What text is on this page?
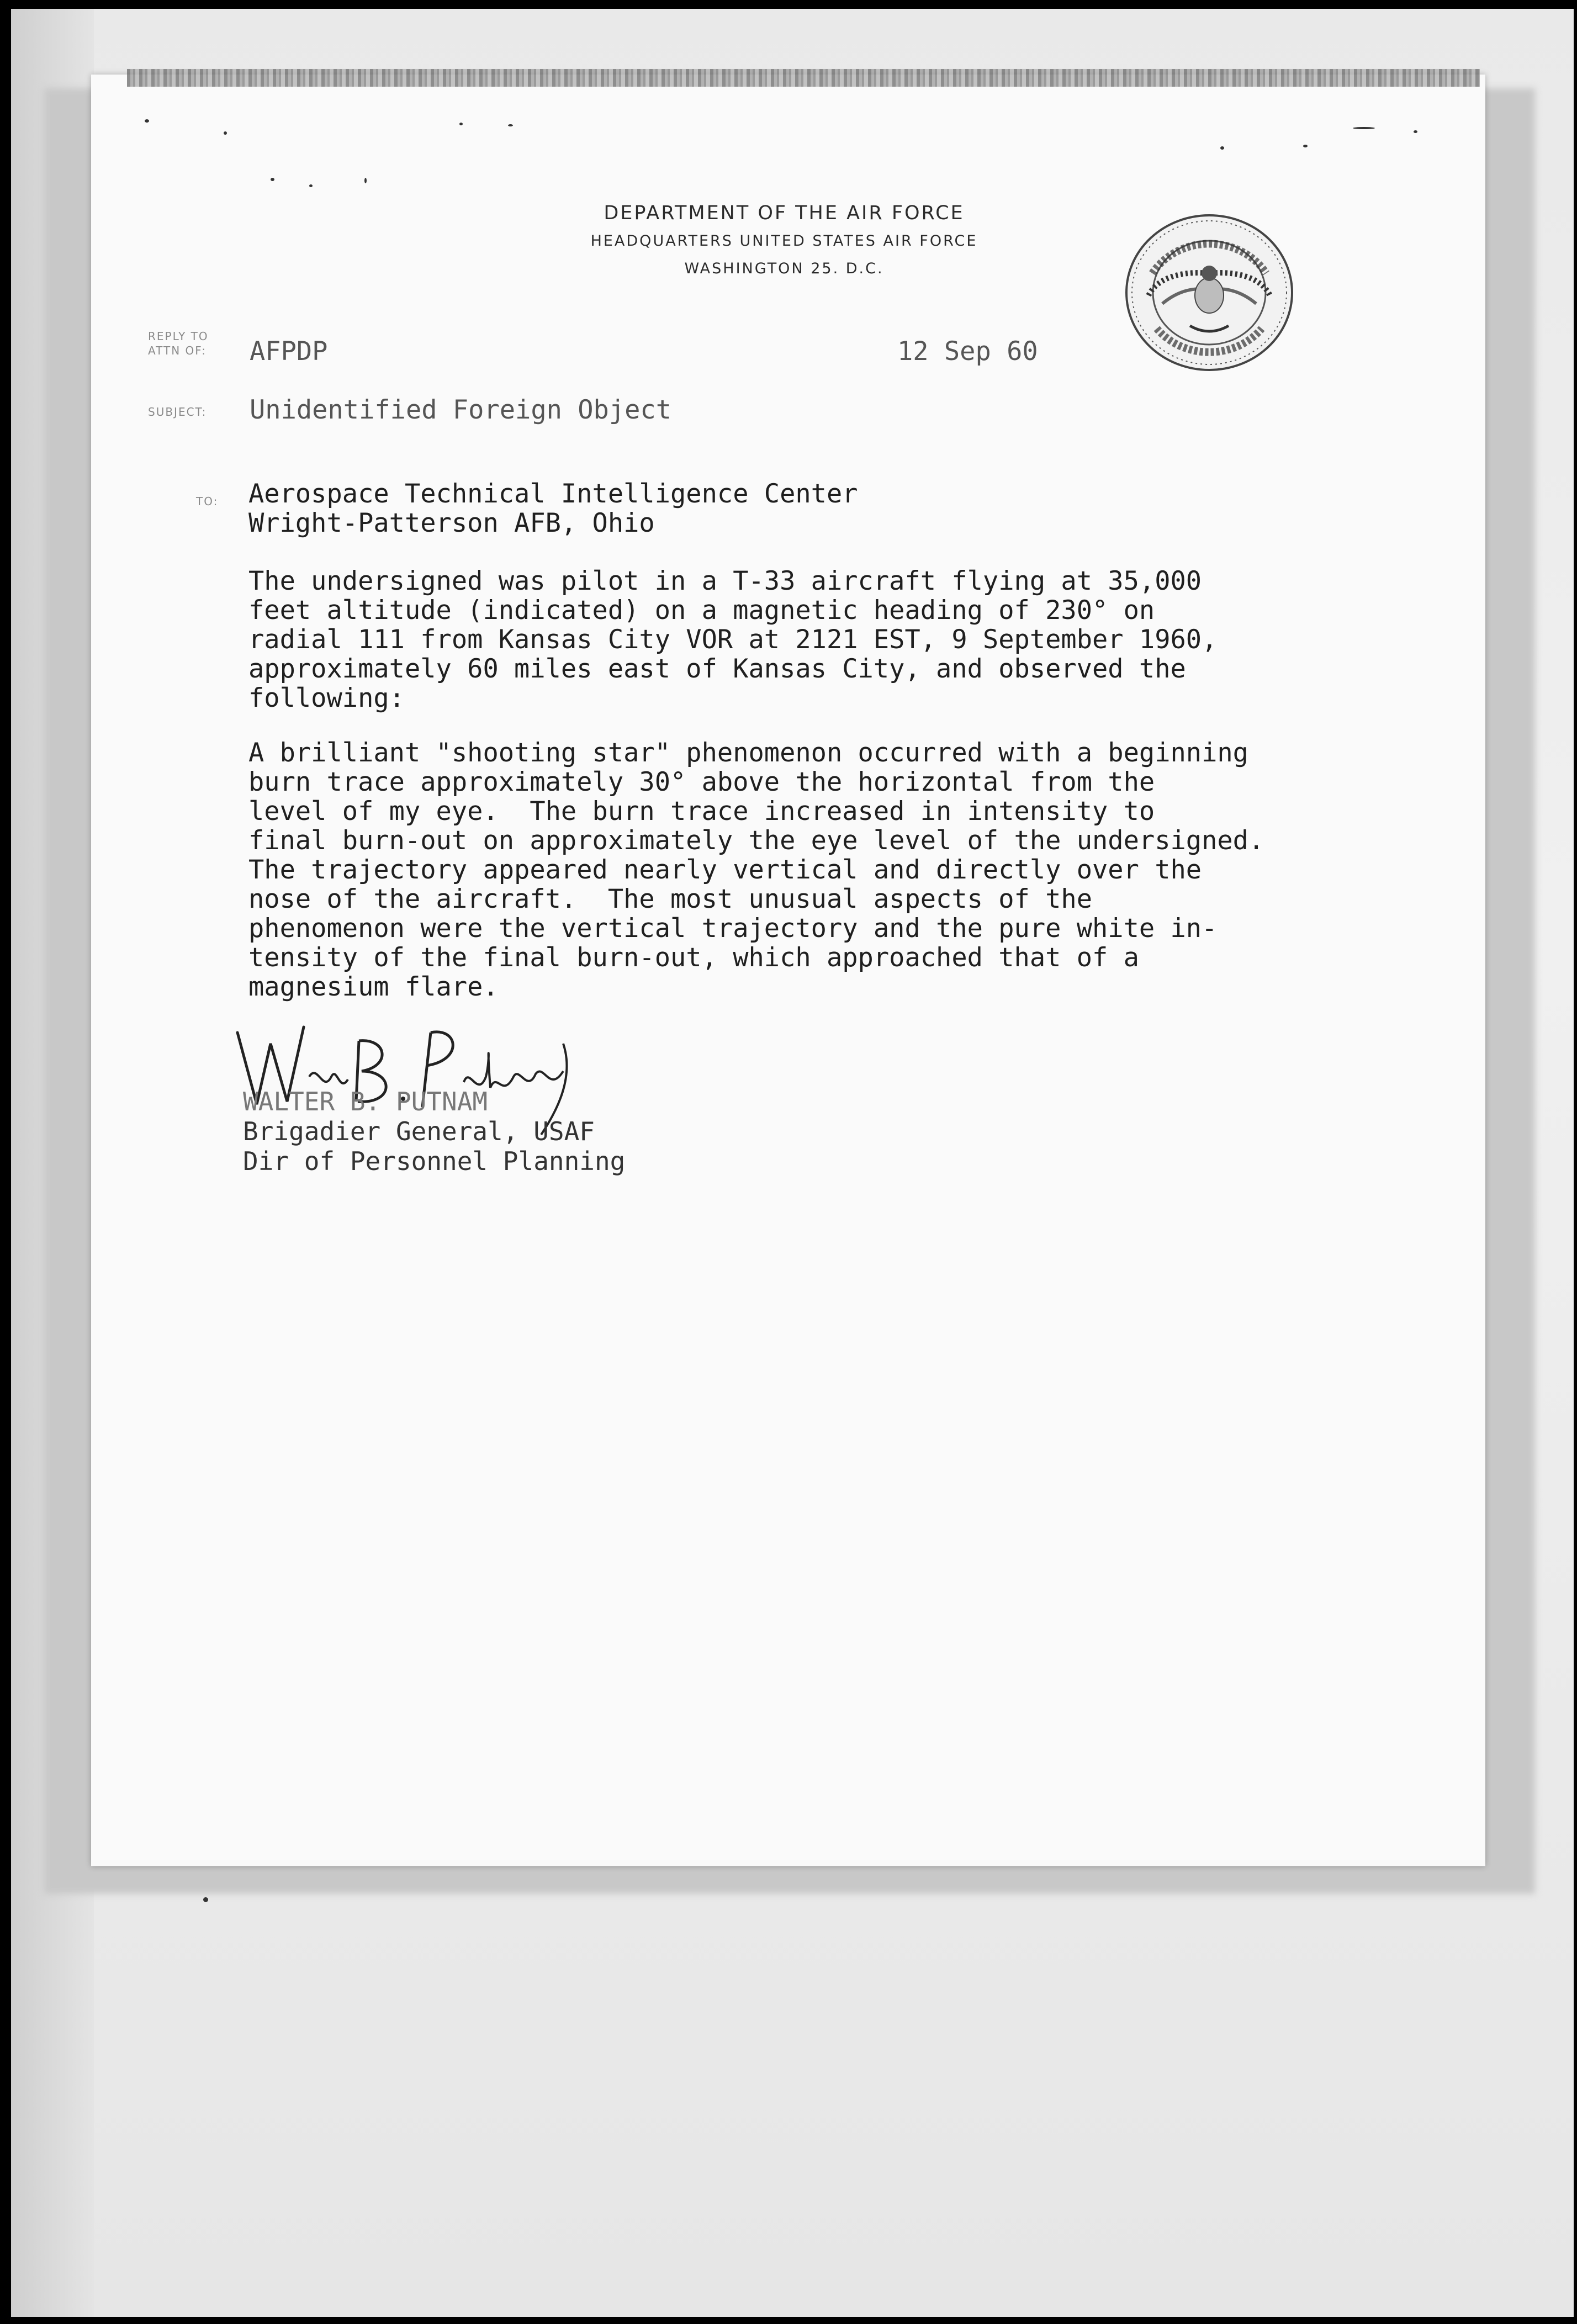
DEPARTMENT OF THE AIR FORCE
HEADQUARTERS UNITED STATES AIR FORCE
WASHINGTON 25. D.C.
REPLY TO
ATTN OF: AFPDP	12 Sep 60
SUBJECT: Unidentified Foreign Object
TO: Aerospace Technical Intelligence Center
Wright-Patterson AFB, Ohio
The undersigned was pilot in a T-33 aircraft flying at 35,000
feet altitude (indicated) on a magnetic heading of 230° on
radial 111 from Kansas City VOR at 2121 EST, 9 September 1960,
approximately 60 miles east of Kansas City, and observed the
following:
A brilliant "shooting star" phenomenon occurred with a beginning
burn trace approximately 30° above the horizontal from the
level of my eye.  The burn trace increased in intensity to
final burn-out on approximately the eye level of the undersigned.
The trajectory appeared nearly vertical and directly over the
nose of the aircraft.  The most unusual aspects of the
phenomenon were the vertical trajectory and the pure white in-
tensity of the final burn-out, which approached that of a
magnesium flare.
WALTER B. PUTNAM
Brigadier General, USAF
Dir of Personnel Planning
